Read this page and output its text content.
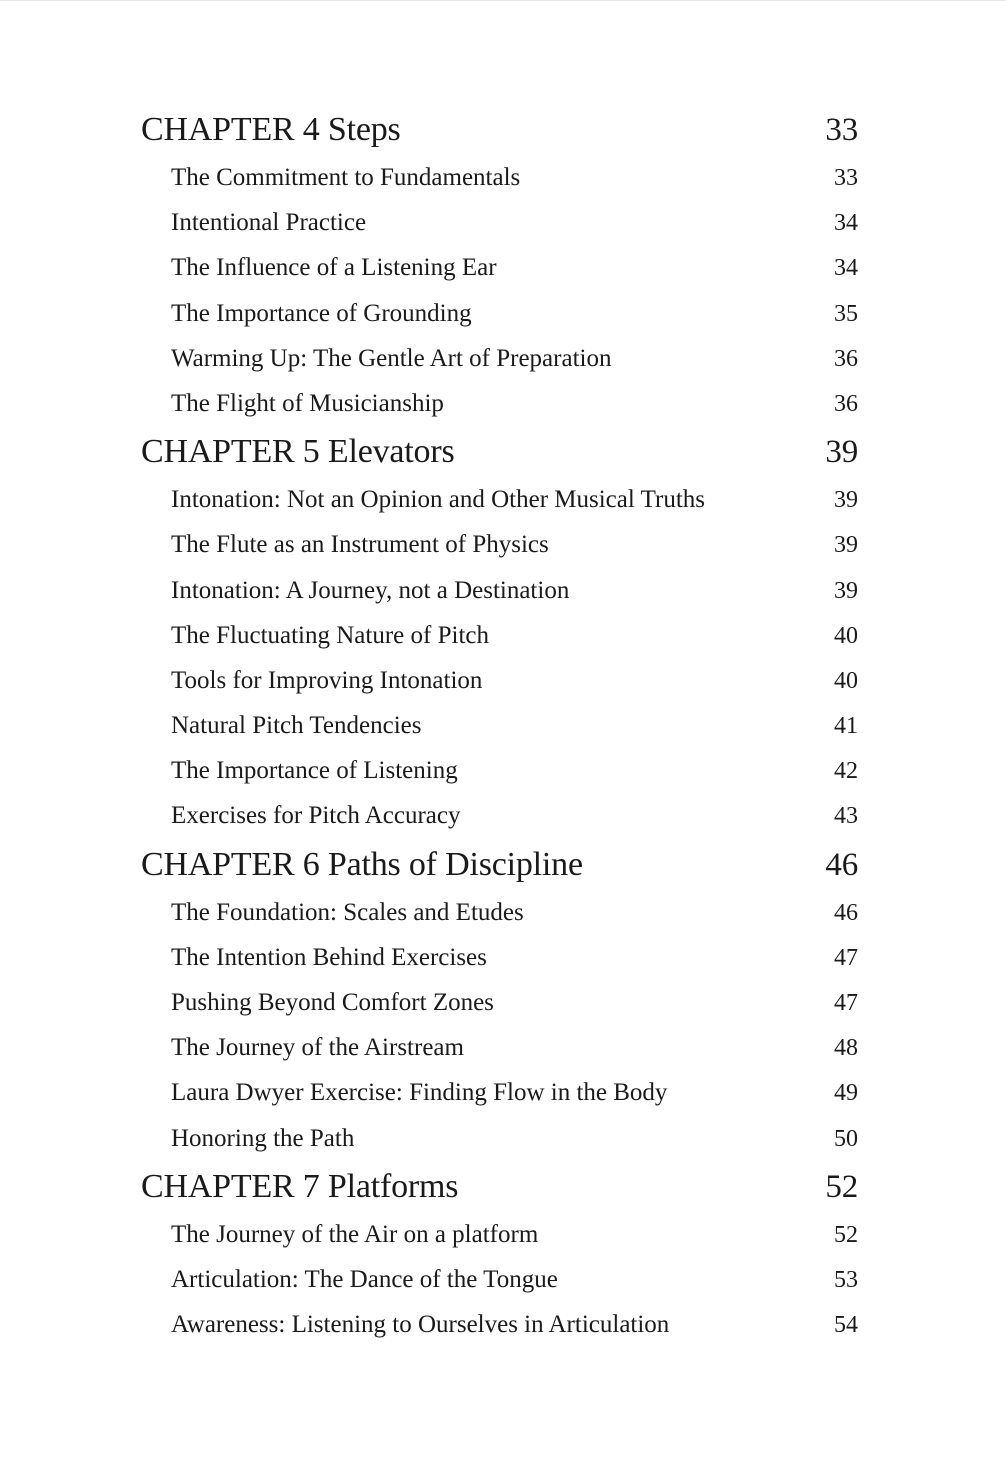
CHAPTER 4 Steps	33
The Commitment to Fundamentals	33
Intentional Practice	34
The Influence of a Listening Ear	34
The Importance of Grounding	35
Warming Up: The Gentle Art of Preparation	36
The Flight of Musicianship	36
CHAPTER 5 Elevators	39
Intonation: Not an Opinion and Other Musical Truths	39
The Flute as an Instrument of Physics	39
Intonation: A Journey, not a Destination	39
The Fluctuating Nature of Pitch	40
Tools for Improving Intonation	40
Natural Pitch Tendencies	41
The Importance of Listening	42
Exercises for Pitch Accuracy	43
CHAPTER 6 Paths of Discipline	46
The Foundation: Scales and Etudes	46
The Intention Behind Exercises	47
Pushing Beyond Comfort Zones	47
The Journey of the Airstream	48
Laura Dwyer Exercise: Finding Flow in the Body	49
Honoring the Path	50
CHAPTER 7 Platforms	52
The Journey of the Air on a platform	52
Articulation: The Dance of the Tongue	53
Awareness: Listening to Ourselves in Articulation	54
